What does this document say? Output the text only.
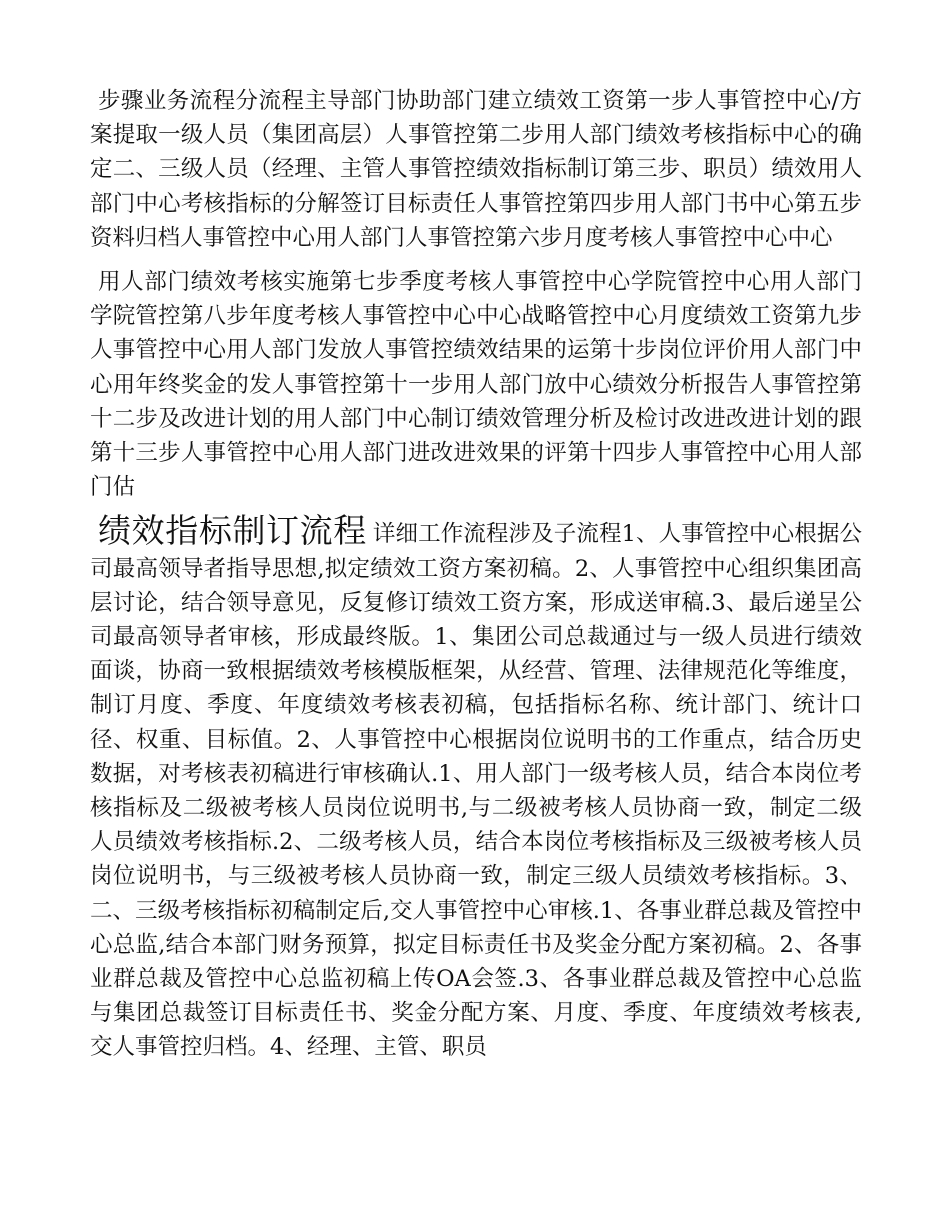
步骤业务流程分流程主导部门协助部门建立绩效工资第一步人事管控中心/方案提取一级人员（集团高层）人事管控第二步用人部门绩效考核指标中心的确定二、三级人员（经理、主管人事管控绩效指标制订第三步、职员）绩效用人部门中心考核指标的分解签订目标责任人事管控第四步用人部门书中心第五步资料归档人事管控中心用人部门人事管控第六步月度考核人事管控中心中心

用人部门绩效考核实施第七步季度考核人事管控中心学院管控中心用人部门学院管控第八步年度考核人事管控中心中心战略管控中心月度绩效工资第九步人事管控中心用人部门发放人事管控绩效结果的运第十步岗位评价用人部门中心用年终奖金的发人事管控第十一步用人部门放中心绩效分析报告人事管控第十二步及改进计划的用人部门中心制订绩效管理分析及检讨改进改进计划的跟第十三步人事管控中心用人部门进改进效果的评第十四步人事管控中心用人部门估

绩效指标制订流程 详细工作流程涉及子流程1、人事管控中心根据公司最高领导者指导思想,拟定绩效工资方案初稿。2、人事管控中心组织集团高层讨论，结合领导意见，反复修订绩效工资方案，形成送审稿.3、最后递呈公司最高领导者审核，形成最终版。1、集团公司总裁通过与一级人员进行绩效面谈，协商一致根据绩效考核模版框架，从经营、管理、法律规范化等维度，制订月度、季度、年度绩效考核表初稿，包括指标名称、统计部门、统计口径、权重、目标值。2、人事管控中心根据岗位说明书的工作重点，结合历史数据，对考核表初稿进行审核确认.1、用人部门一级考核人员，结合本岗位考核指标及二级被考核人员岗位说明书,与二级被考核人员协商一致，制定二级人员绩效考核指标.2、二级考核人员，结合本岗位考核指标及三级被考核人员岗位说明书，与三级被考核人员协商一致，制定三级人员绩效考核指标。3、二、三级考核指标初稿制定后,交人事管控中心审核.1、各事业群总裁及管控中心总监,结合本部门财务预算，拟定目标责任书及奖金分配方案初稿。2、各事业群总裁及管控中心总监初稿上传OA会签.3、各事业群总裁及管控中心总监与集团总裁签订目标责任书、奖金分配方案、月度、季度、年度绩效考核表,交人事管控归档。4、经理、主管、职员
